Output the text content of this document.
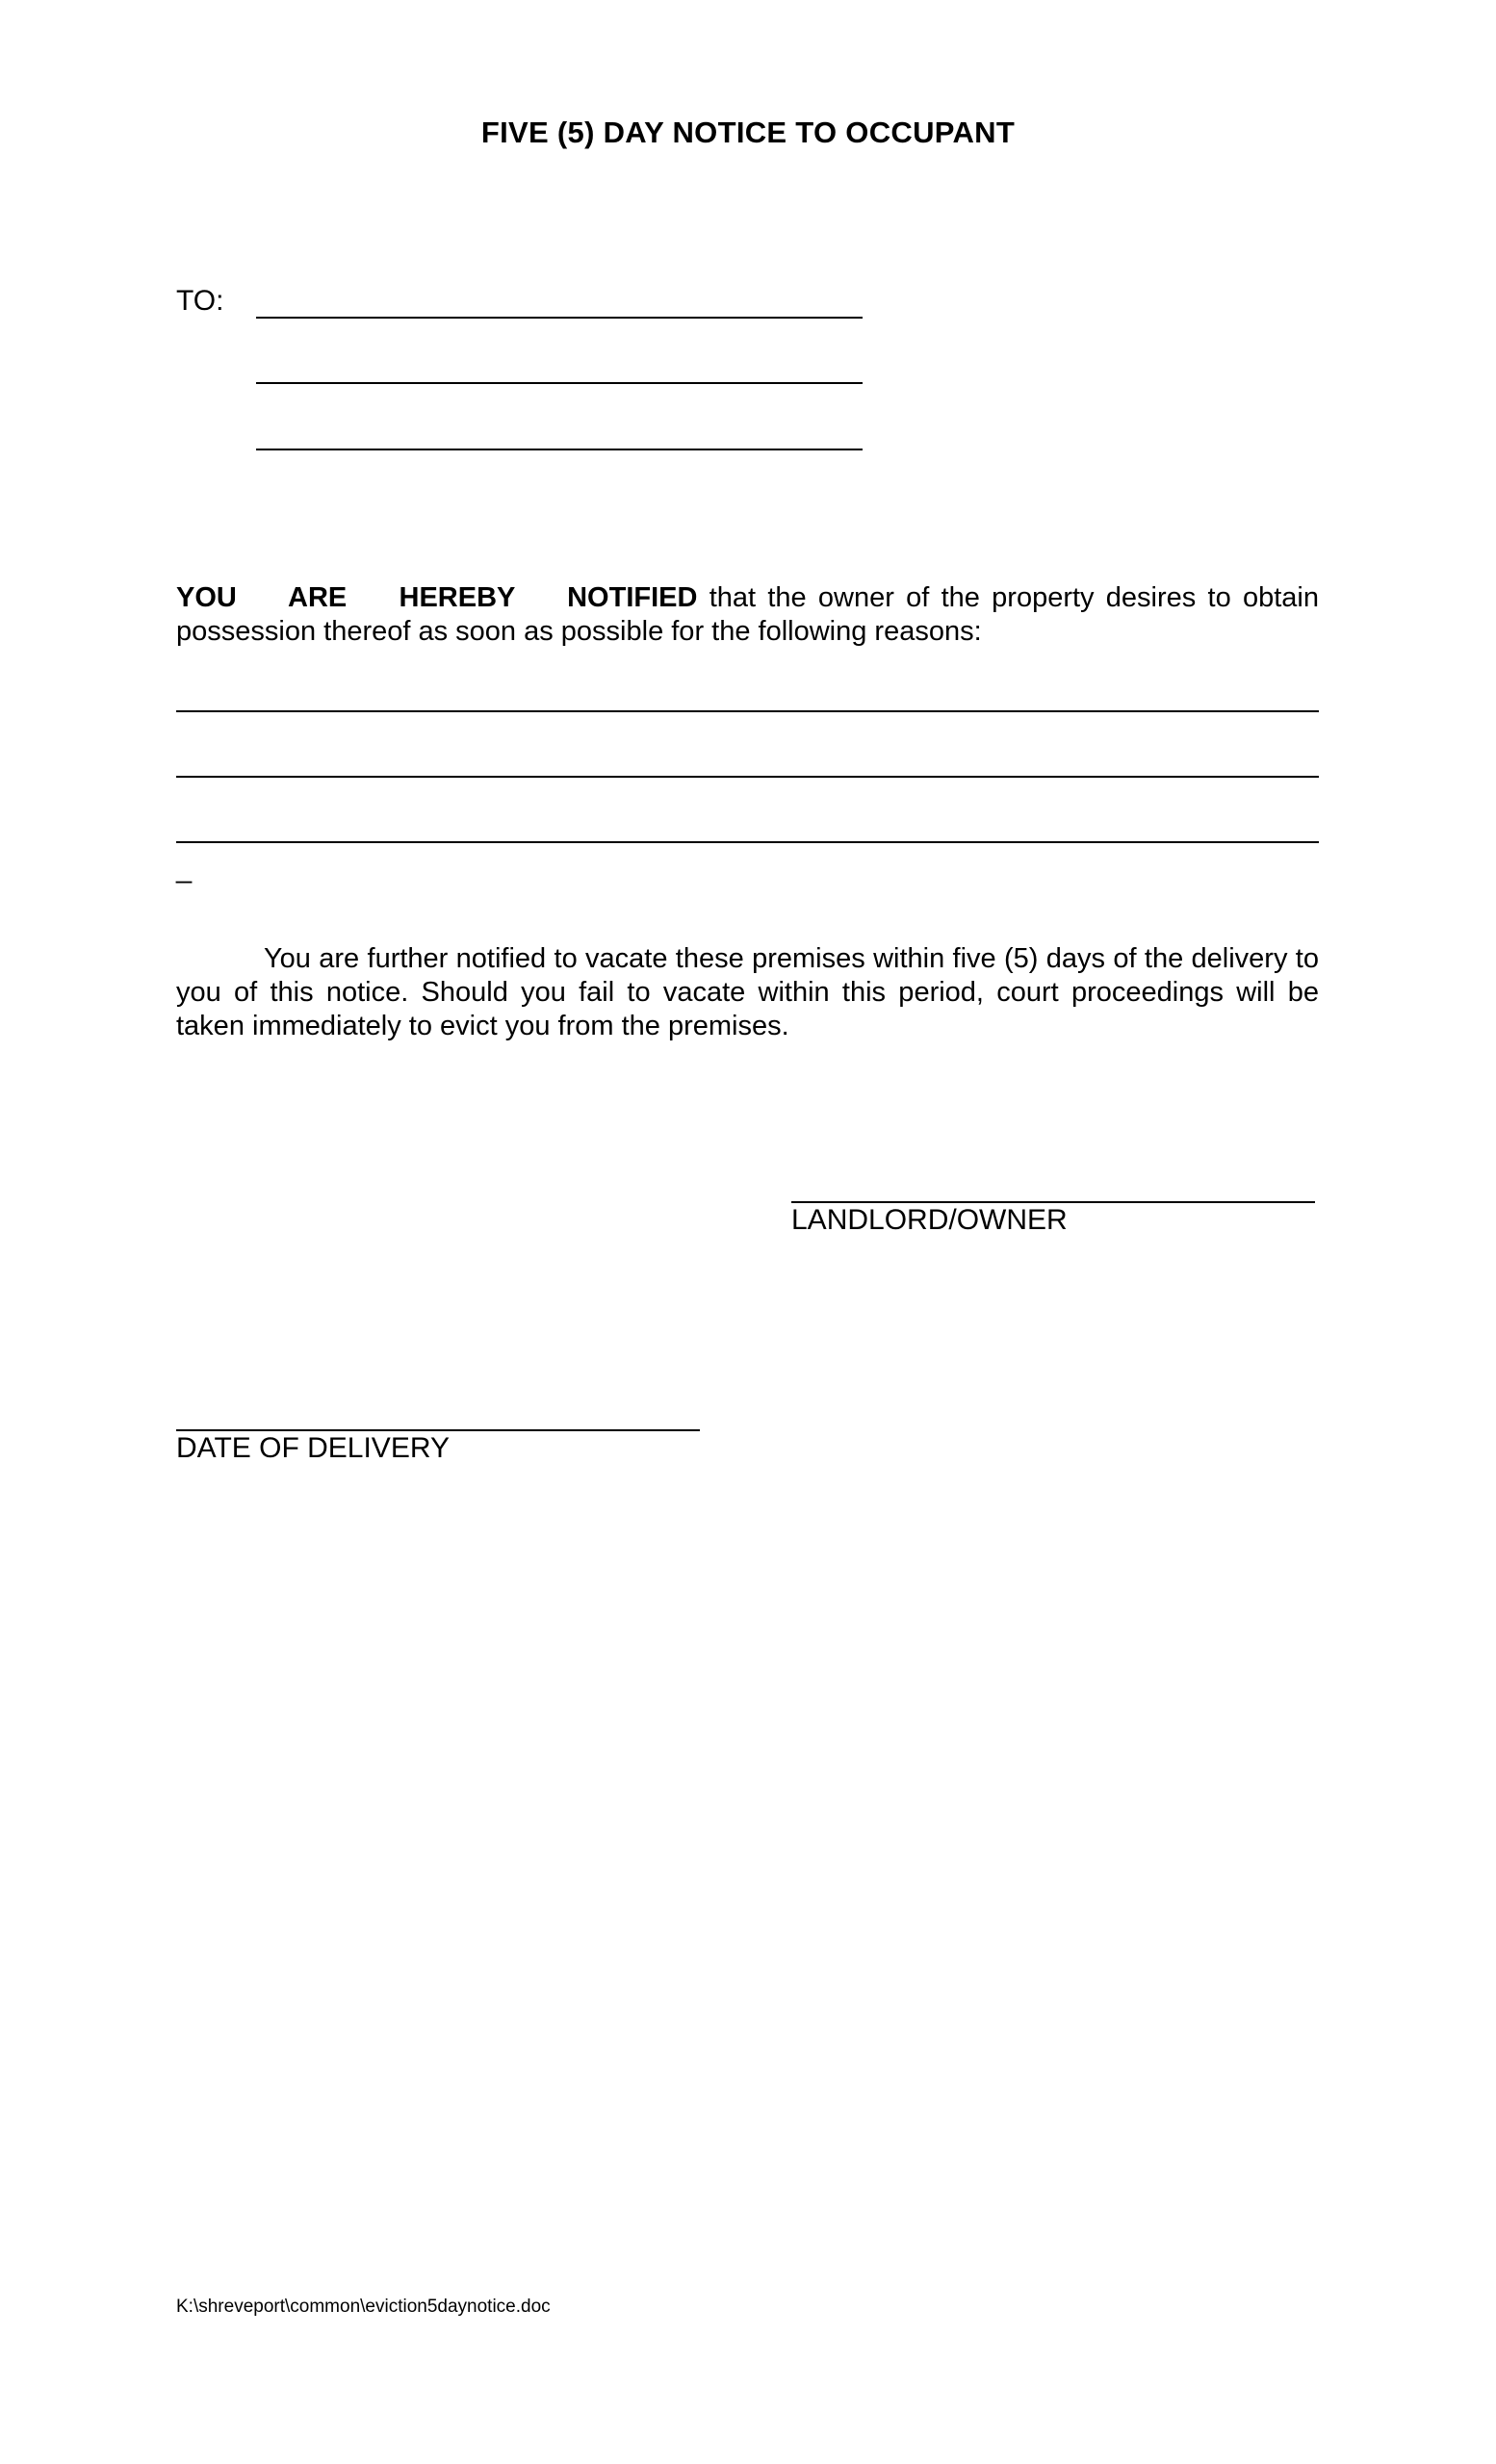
FIVE (5) DAY NOTICE TO OCCUPANT
TO:
YOU ARE HEREBY NOTIFIED that the owner of the property desires to obtain possession thereof as soon as possible for the following reasons:
_
You are further notified to vacate these premises within five (5) days of the delivery to you of this notice. Should you fail to vacate within this period, court proceedings will be taken immediately to evict you from the premises.
LANDLORD/OWNER
DATE OF DELIVERY
K:\shreveport\common\eviction5daynotice.doc
